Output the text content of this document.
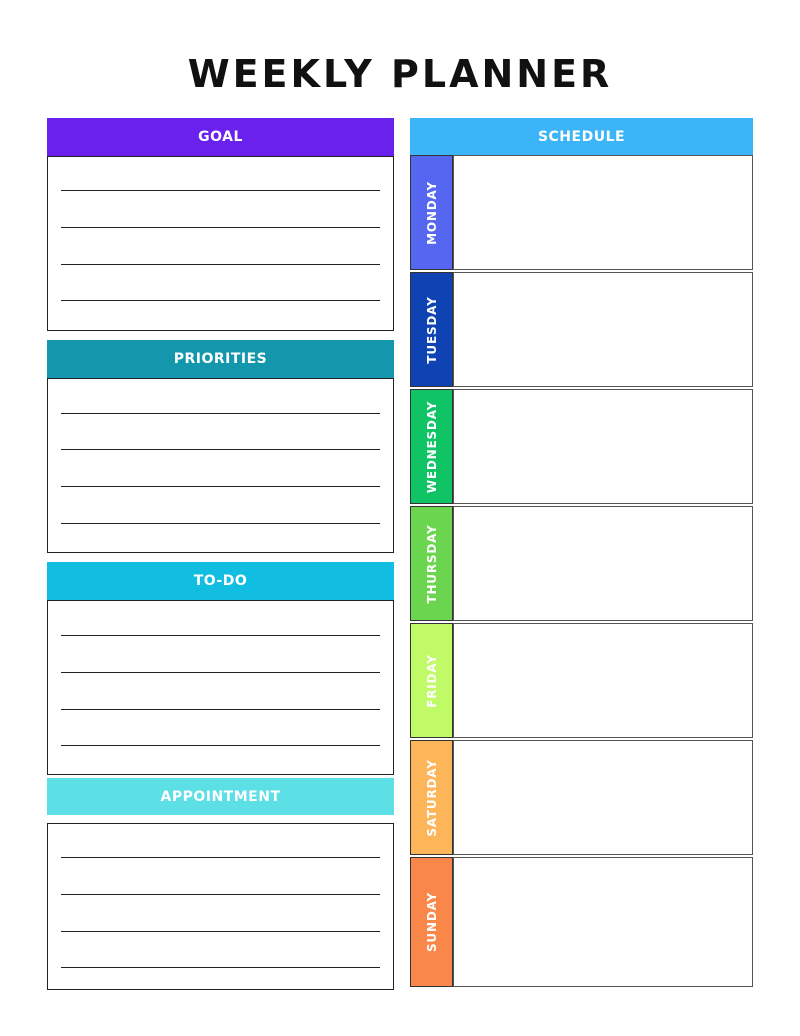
WEEKLY PLANNER
GOAL
PRIORITIES
TO-DO
APPOINTMENT
SCHEDULE
MONDAY
TUESDAY
WEDNESDAY
THURSDAY
FRIDAY
SATURDAY
SUNDAY
